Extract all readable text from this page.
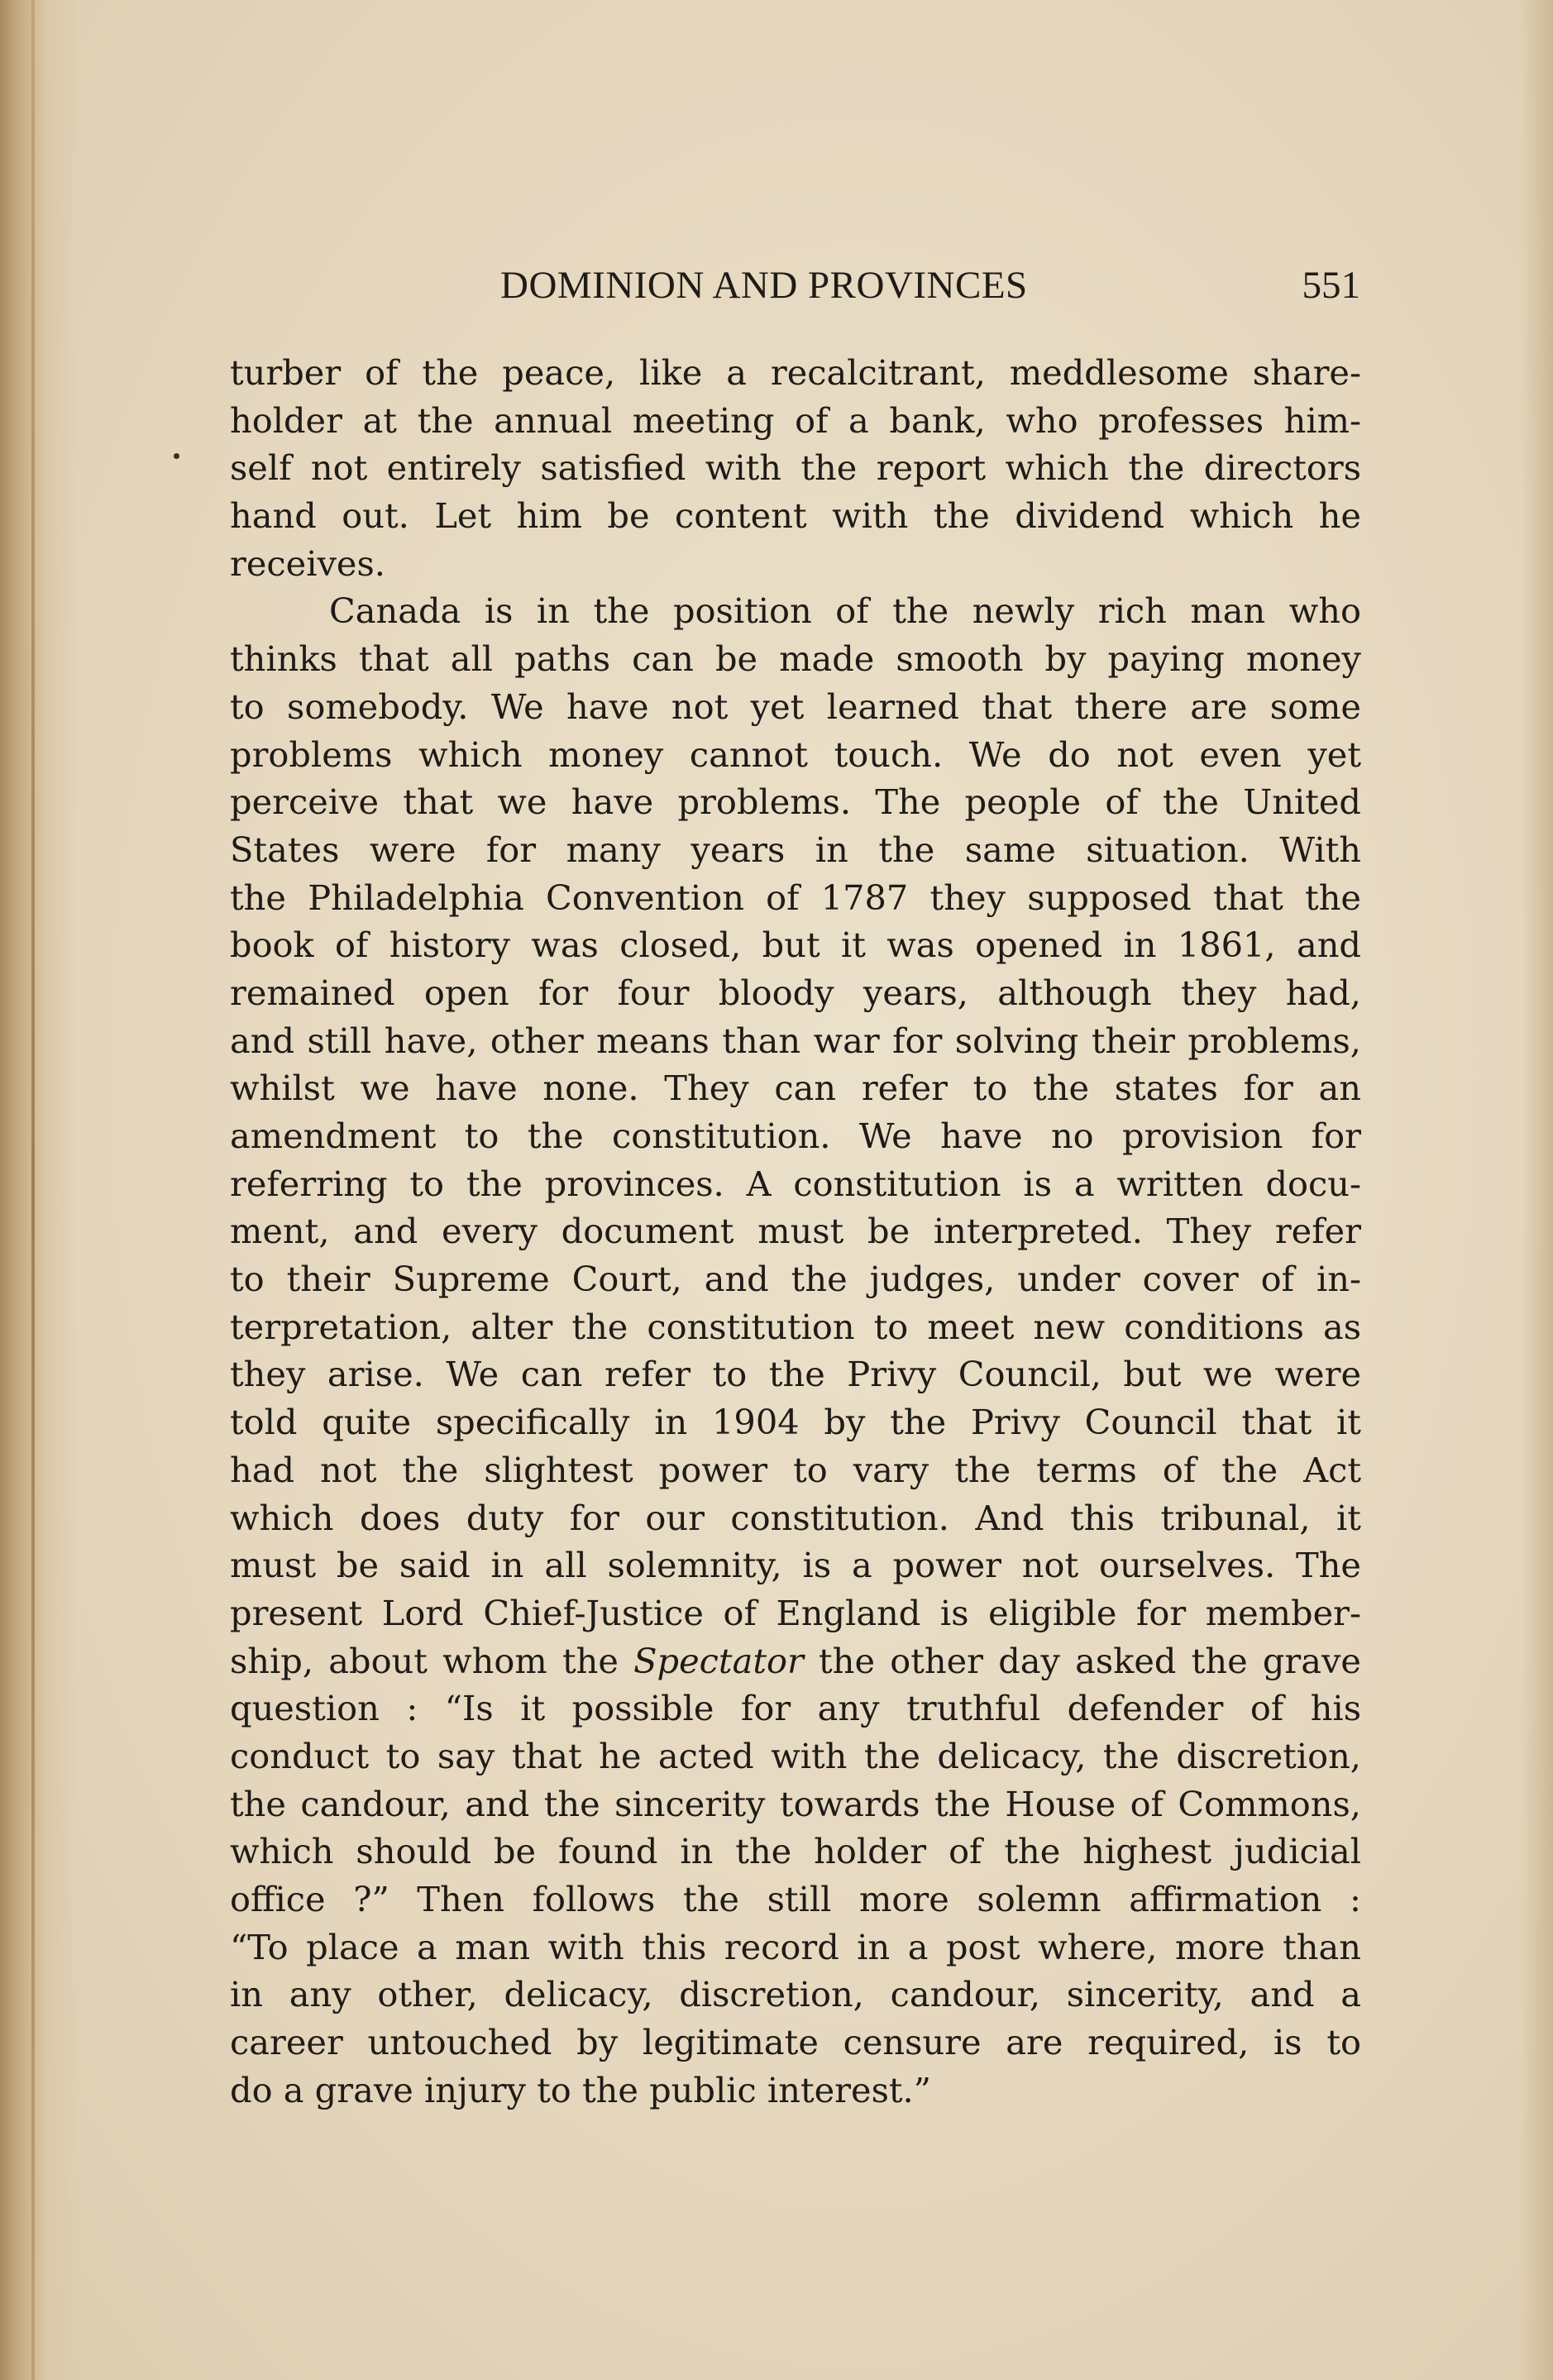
DOMINION AND PROVINCES	551
turber of the peace, like a recalcitrant, meddlesome share-
holder at the annual meeting of a bank, who professes him-
self not entirely satisfied with the report which the directors
hand out. Let him be content with the dividend which he
receives.
Canada is in the position of the newly rich man who
thinks that all paths can be made smooth by paying money
to somebody. We have not yet learned that there are some
problems which money cannot touch. We do not even yet
perceive that we have problems. The people of the United
States were for many years in the same situation. With
the Philadelphia Convention of 1787 they supposed that the
book of history was closed, but it was opened in 1861, and
remained open for four bloody years, although they had,
and still have, other means than war for solving their problems,
whilst we have none. They can refer to the states for an
amendment to the constitution. We have no provision for
referring to the provinces. A constitution is a written docu-
ment, and every document must be interpreted. They refer
to their Supreme Court, and the judges, under cover of in-
terpretation, alter the constitution to meet new conditions as
they arise. We can refer to the Privy Council, but we were
told quite specifically in 1904 by the Privy Council that it
had not the slightest power to vary the terms of the Act
which does duty for our constitution. And this tribunal, it
must be said in all solemnity, is a power not ourselves. The
present Lord Chief-Justice of England is eligible for member-
ship, about whom the Spectator the other day asked the grave
question : “Is it possible for any truthful defender of his
conduct to say that he acted with the delicacy, the discretion,
the candour, and the sincerity towards the House of Commons,
which should be found in the holder of the highest judicial
office ?” Then follows the still more solemn affirmation :
“To place a man with this record in a post where, more than
in any other, delicacy, discretion, candour, sincerity, and a
career untouched by legitimate censure are required, is to
do a grave injury to the public interest.”
